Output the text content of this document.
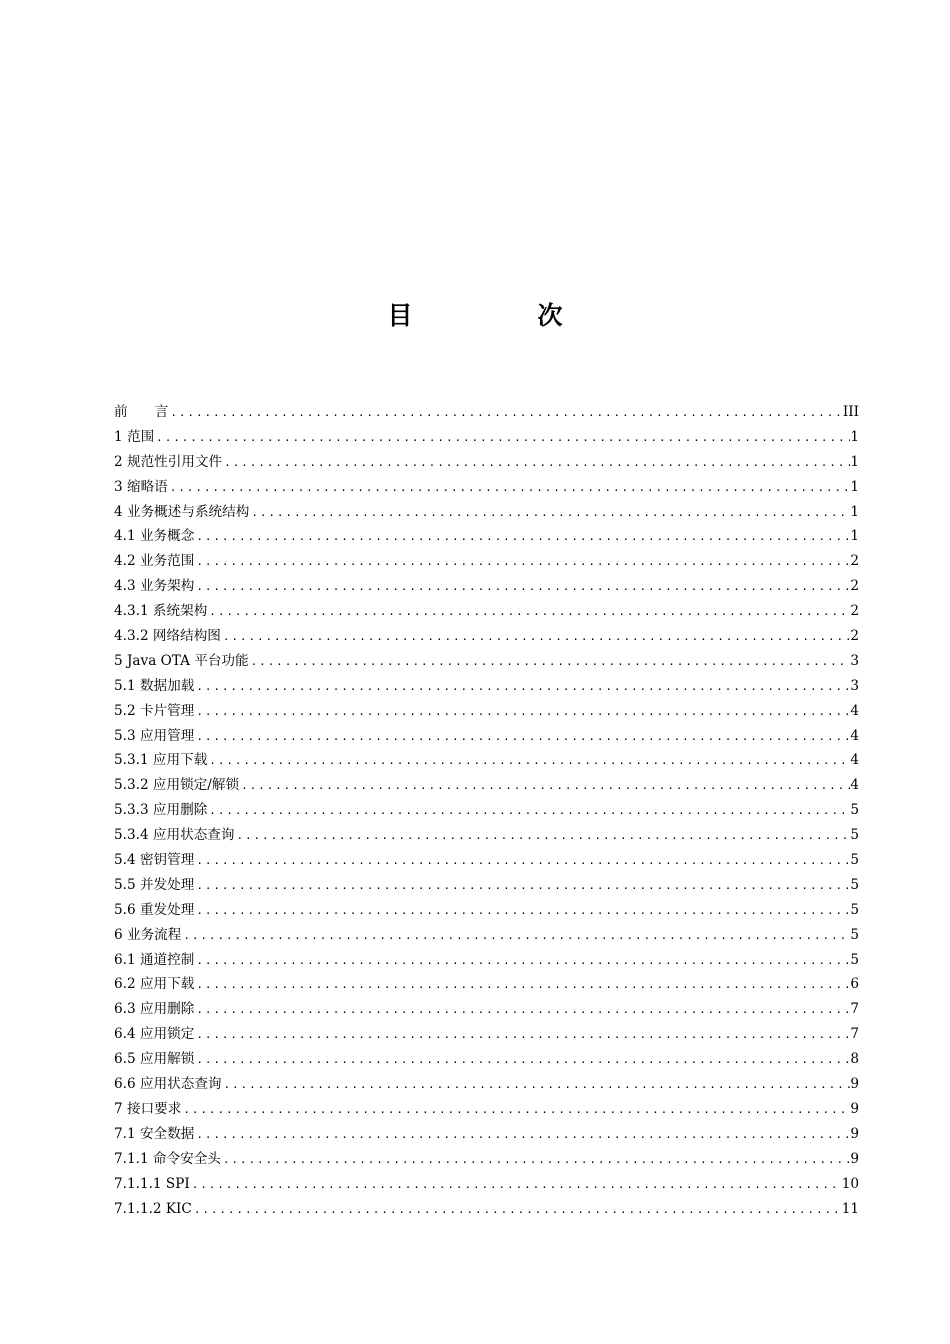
目　次
前　　言 .....	III
1 范围 .....	1
2 规范性引用文件 .....	1
3 缩略语 .....	1
4 业务概述与系统结构 .....	1
4.1 业务概念 .....	1
4.2 业务范围 .....	2
4.3 业务架构 .....	2
4.3.1 系统架构 .....	2
4.3.2 网络结构图 .....	2
5 Java OTA 平台功能 .....	3
5.1 数据加载 .....	3
5.2 卡片管理 .....	4
5.3 应用管理 .....	4
5.3.1 应用下载 .....	4
5.3.2 应用锁定/解锁 .....	4
5.3.3 应用删除 .....	5
5.3.4 应用状态查询 .....	5
5.4 密钥管理 .....	5
5.5 并发处理 .....	5
5.6 重发处理 .....	5
6 业务流程 .....	5
6.1 通道控制 .....	5
6.2 应用下载 .....	6
6.3 应用删除 .....	7
6.4 应用锁定 .....	7
6.5 应用解锁 .....	8
6.6 应用状态查询 .....	9
7 接口要求 .....	9
7.1 安全数据 .....	9
7.1.1 命令安全头 .....	9
7.1.1.1 SPI .....	10
7.1.1.2 KIC .....	11
